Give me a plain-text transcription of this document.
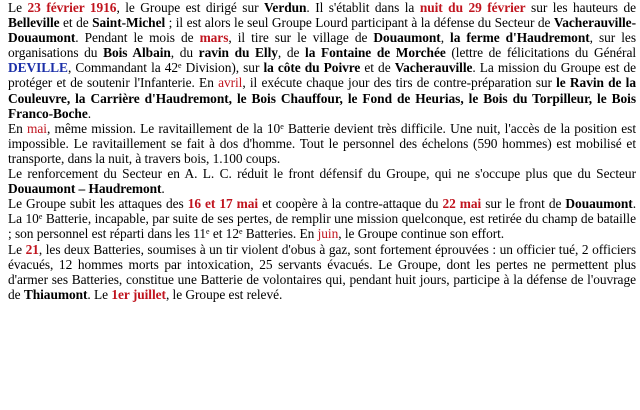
Le 23 février 1916, le Groupe est dirigé sur Verdun. Il s'établit dans la nuit du 29 février sur les hauteurs de Belleville et de Saint-Michel ; il est alors le seul Groupe Lourd participant à la défense du Secteur de Vacherauville-Douaumont. Pendant le mois de mars, il tire sur le village de Douaumont, la ferme d'Haudremont, sur les organisations du Bois Albain, du ravin du Elly, de la Fontaine de Morchée (lettre de félicitations du Général DEVILLE, Commandant la 42e Division), sur la côte du Poivre et de Vacherauville. La mission du Groupe est de protéger et de soutenir l'Infanterie. En avril, il exécute chaque jour des tirs de contre-préparation sur le Ravin de la Couleuvre, la Carrière d'Haudremont, le Bois Chauffour, le Fond de Heurias, le Bois du Torpilleur, le Bois Franco-Boche.

En mai, même mission. Le ravitaillement de la 10e Batterie devient très difficile. Une nuit, l'accès de la position est impossible. Le ravitaillement se fait à dos d'homme. Tout le personnel des échelons (590 hommes) est mobilisé et transporte, dans la nuit, à travers bois, 1.100 coups.

Le renforcement du Secteur en A. L. C. réduit le front défensif du Groupe, qui ne s'occupe plus que du Secteur Douaumont – Haudremont.

Le Groupe subit les attaques des 16 et 17 mai et coopère à la contre-attaque du 22 mai sur le front de Douaumont. La 10e Batterie, incapable, par suite de ses pertes, de remplir une mission quelconque, est retirée du champ de bataille ; son personnel est réparti dans les 11e et 12e Batteries. En juin, le Groupe continue son effort.

Le 21, les deux Batteries, soumises à un tir violent d'obus à gaz, sont fortement éprouvées : un officier tué, 2 officiers évacués, 12 hommes morts par intoxication, 25 servants évacués. Le Groupe, dont les pertes ne permettent plus d'armer ses Batteries, constitue une Batterie de volontaires qui, pendant huit jours, participe à la défense de l'ouvrage de Thiaumont. Le 1er juillet, le Groupe est relevé.
